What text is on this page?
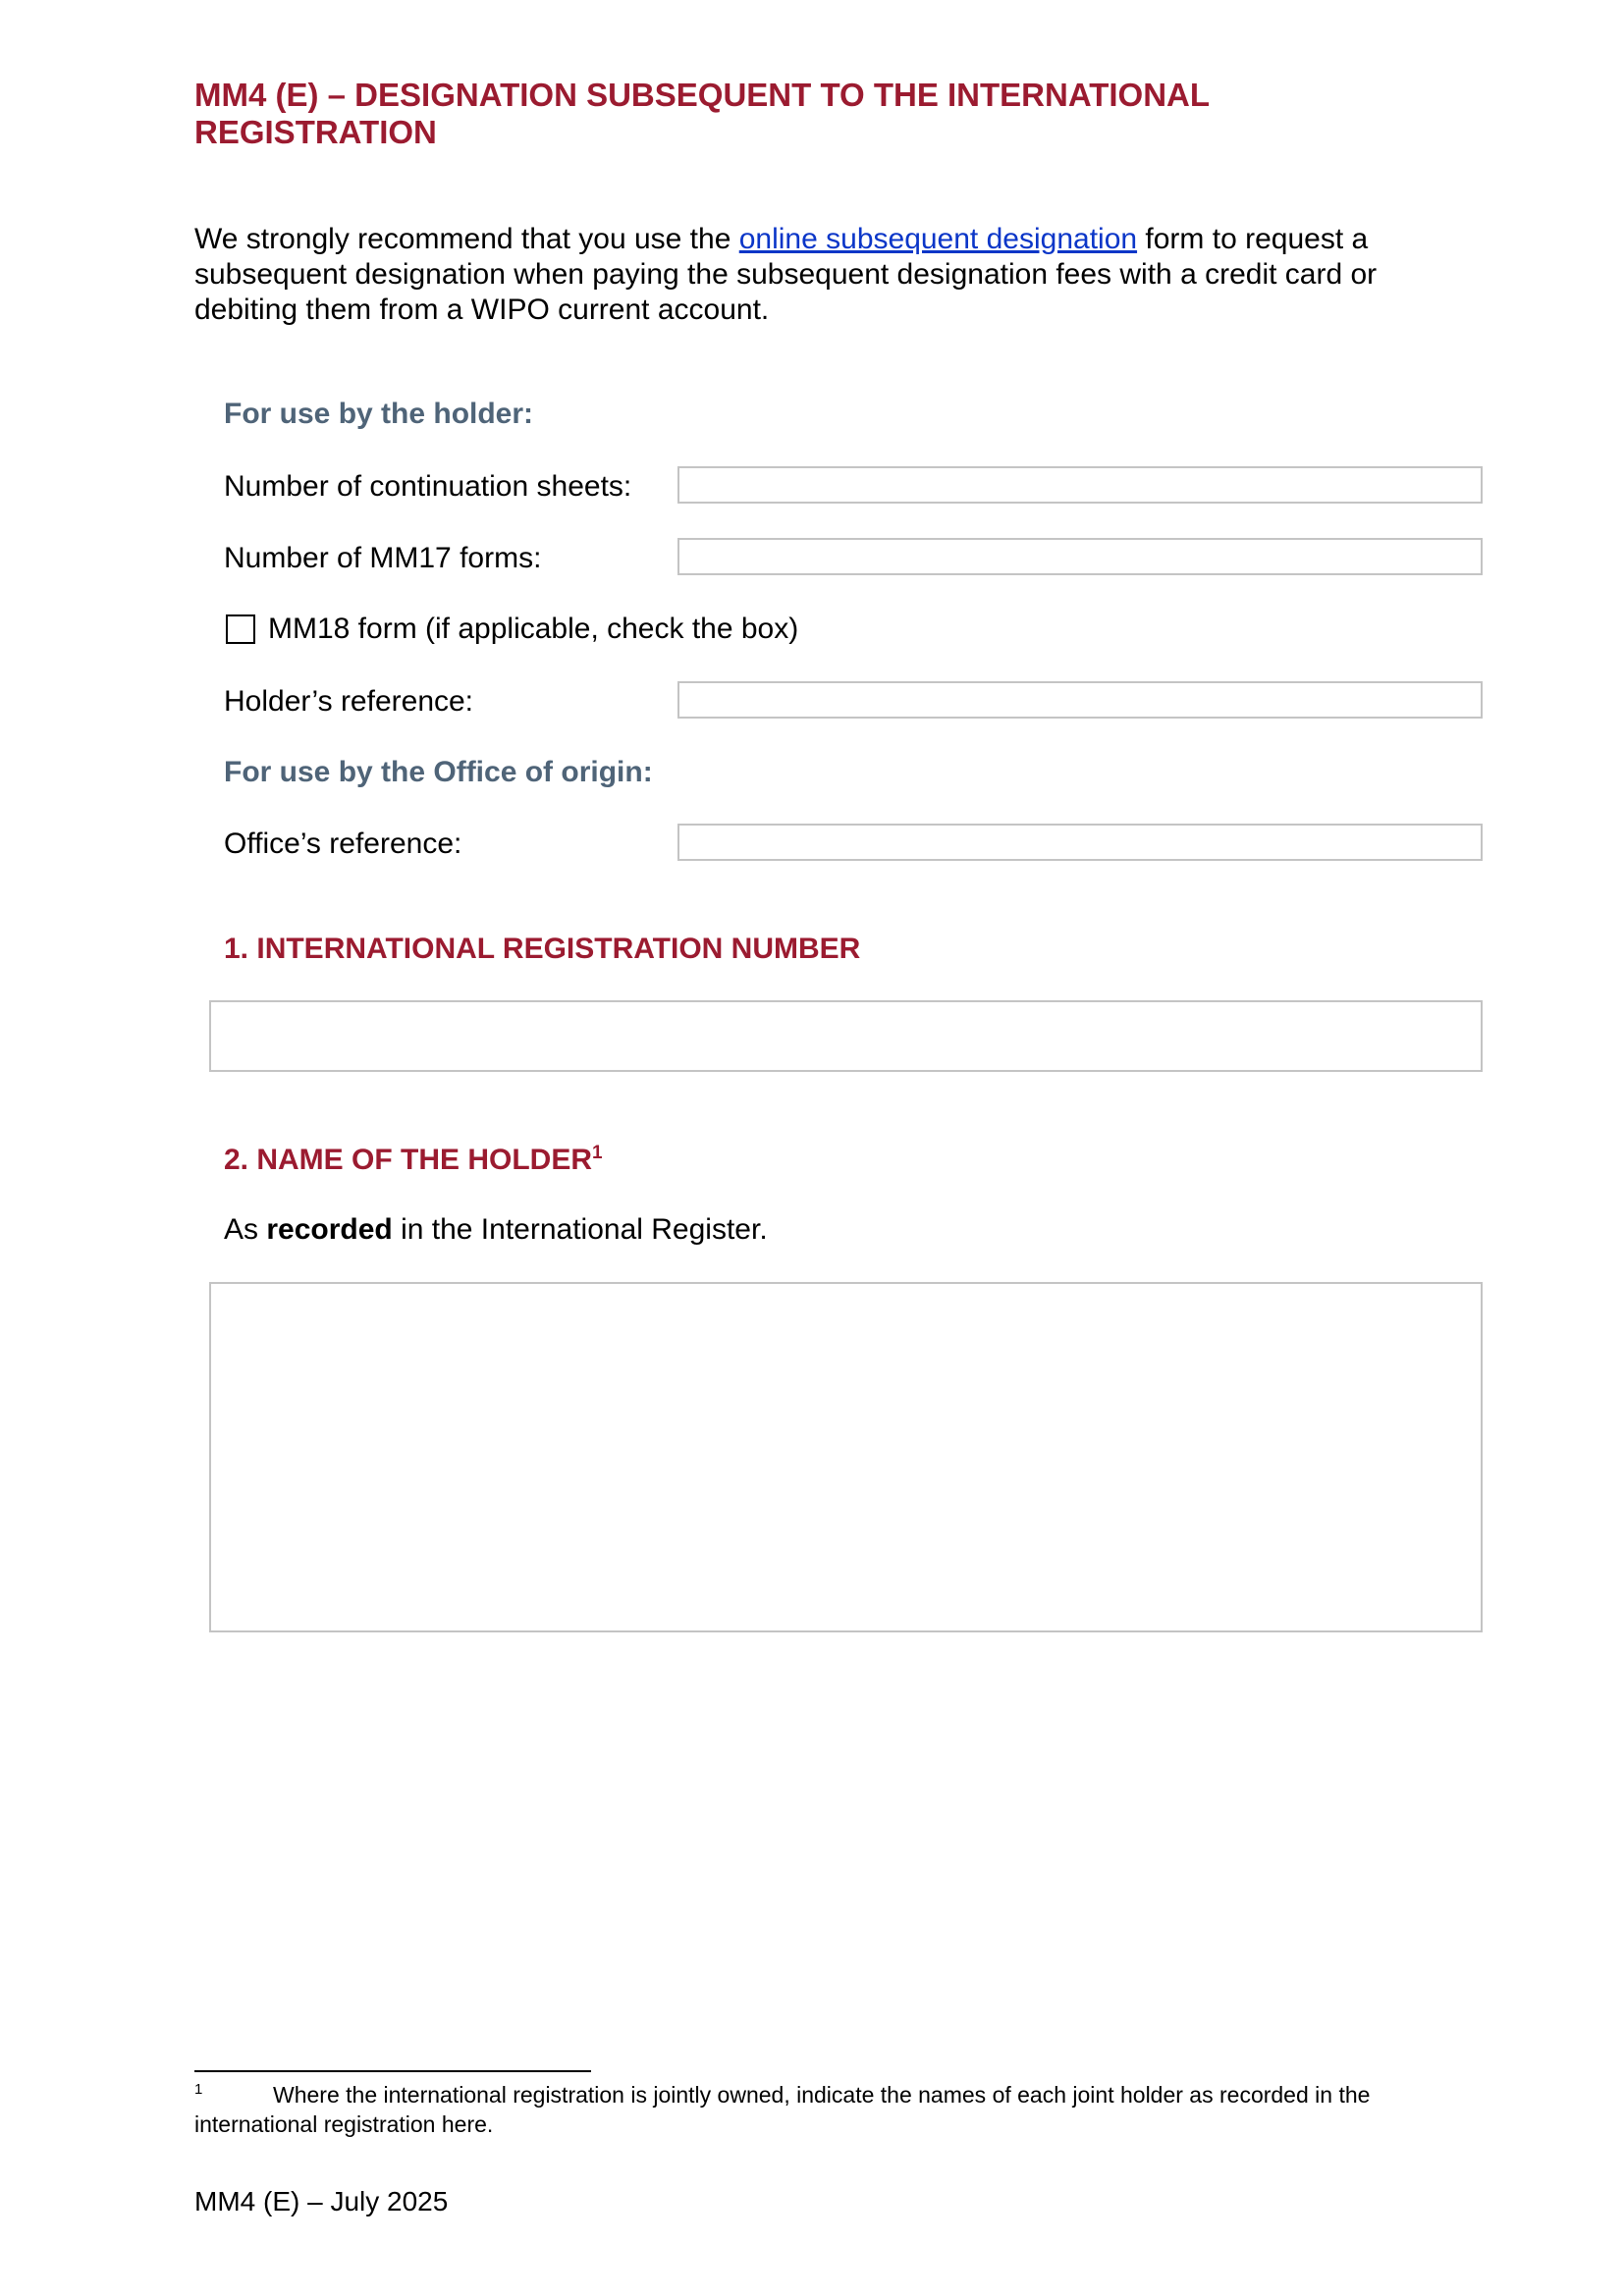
MM4 (E) – DESIGNATION SUBSEQUENT TO THE INTERNATIONAL REGISTRATION

We strongly recommend that you use the online subsequent designation form to request a subsequent designation when paying the subsequent designation fees with a credit card or debiting them from a WIPO current account.

For use by the holder:
Number of continuation sheets:
Number of MM17 forms:
MM18 form (if applicable, check the box)
Holder’s reference:
For use by the Office of origin:
Office’s reference:
1. INTERNATIONAL REGISTRATION NUMBER
2. NAME OF THE HOLDER$^1$
As recorded in the International Register.

1	Where the international registration is jointly owned, indicate the names of each joint holder as recorded in the international registration here.

MM4 (E) – July 2025
